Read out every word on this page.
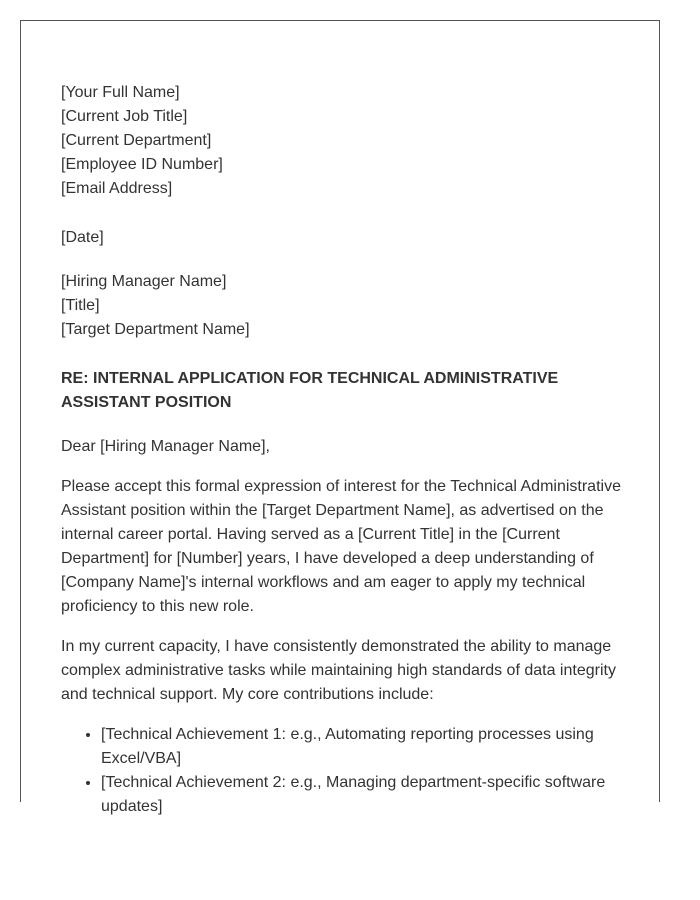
[Your Full Name]
[Current Job Title]
[Current Department]
[Employee ID Number]
[Email Address]
[Date]
[Hiring Manager Name]
[Title]
[Target Department Name]
RE: INTERNAL APPLICATION FOR TECHNICAL ADMINISTRATIVE ASSISTANT POSITION
Dear [Hiring Manager Name],

Please accept this formal expression of interest for the Technical Administrative Assistant position within the [Target Department Name], as advertised on the internal career portal. Having served as a [Current Title] in the [Current Department] for [Number] years, I have developed a deep understanding of [Company Name]'s internal workflows and am eager to apply my technical proficiency to this new role.

In my current capacity, I have consistently demonstrated the ability to manage complex administrative tasks while maintaining high standards of data integrity and technical support. My core contributions include:

• [Technical Achievement 1: e.g., Automating reporting processes using Excel/VBA]
• [Technical Achievement 2: e.g., Managing department-specific software updates]
